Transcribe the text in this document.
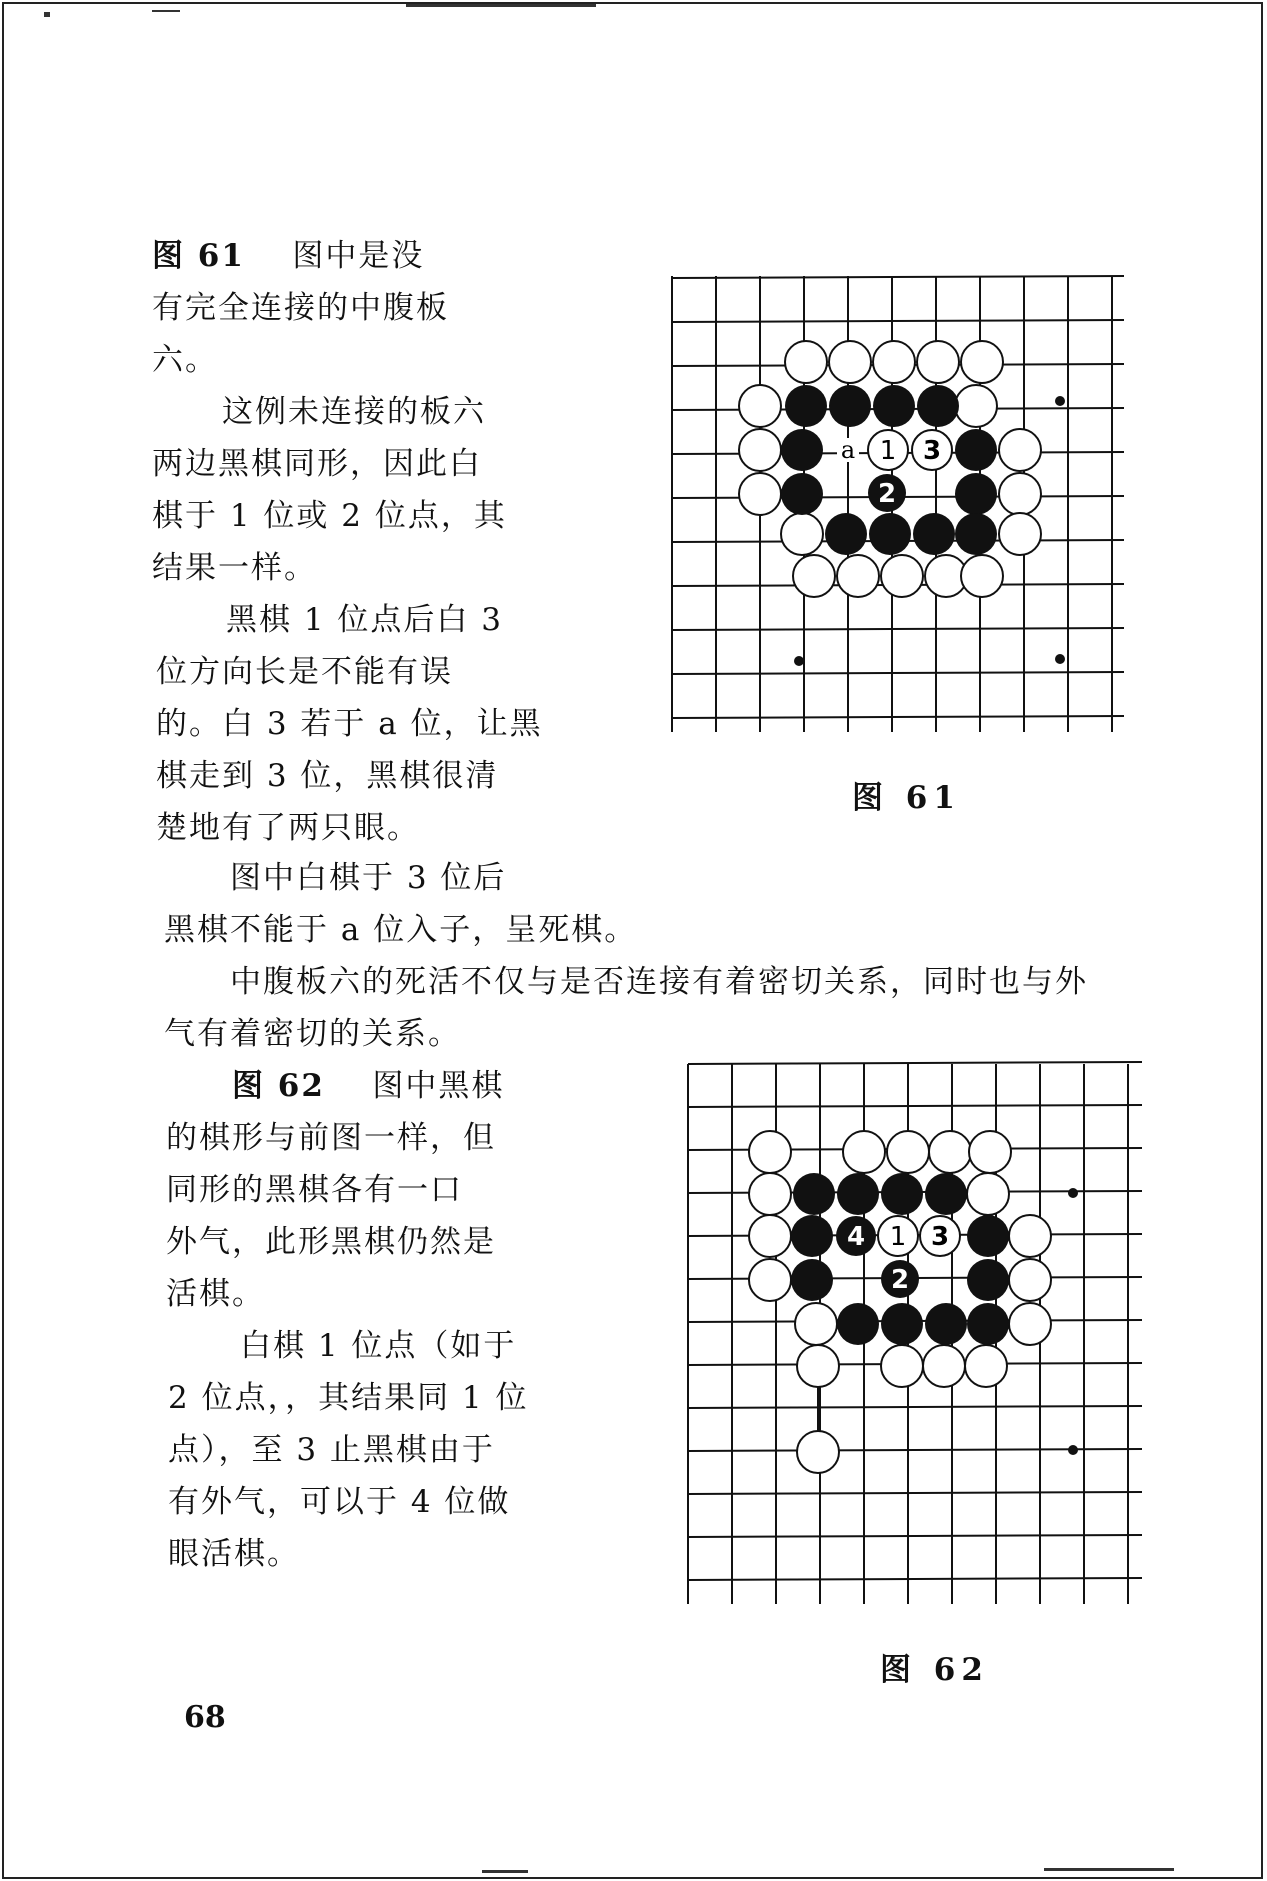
图 61 图中是没

有完全连接的中腹板
六。

这例未连接的板六
两边黑棋同形，因此白
棋于 1 位或 2 位点，其
结果一样。

黑棋 1 位点后白 3
位方向长是不能有误
的。白 3 若于 a 位，让黑
棋走到 3 位，黑棋很清
楚地有了两只眼。

图中白棋于 3 位后
黑棋不能于 a 位入子，呈死棋。

中腹板六的死活不仅与是否连接有着密切关系，同时也与外
气有着密切的关系。

图 62 图中黑棋
的棋形与前图一样，但
同形的黑棋各有一口
外气，此形黑棋仍然是
活棋。

白棋 1 位点（如于
2 位点，，其结果同 1 位
点），至 3 止黑棋由于
有外气，可以于 4 位做
眼活棋。

a 1 3
2
图 61
4 1 3
2
图 62
68
